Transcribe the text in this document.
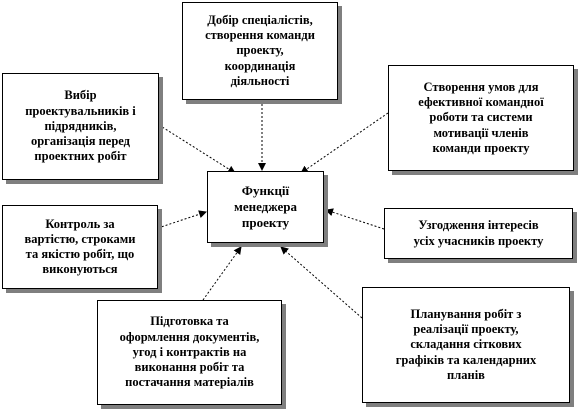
Добір спеціалістів,
створення команди
проекту,
координація
діяльності
Вибір
проектувальників і
підрядників,
організація перед
проектних робіт
Створення умов для
ефективної командної
роботи та системи
мотивації членів
команди проекту
Функції
менеджера
проекту
Контроль за
вартістю, строками
та якістю робіт, що
виконуються
Узгодження інтересів
усіх учасників проекту
Підготовка та
оформлення документів,
угод і контрактів на
виконання робіт та
постачання матеріалів
Планування робіт з
реалізації проекту,
складання сіткових
графіків та календарних
планів
